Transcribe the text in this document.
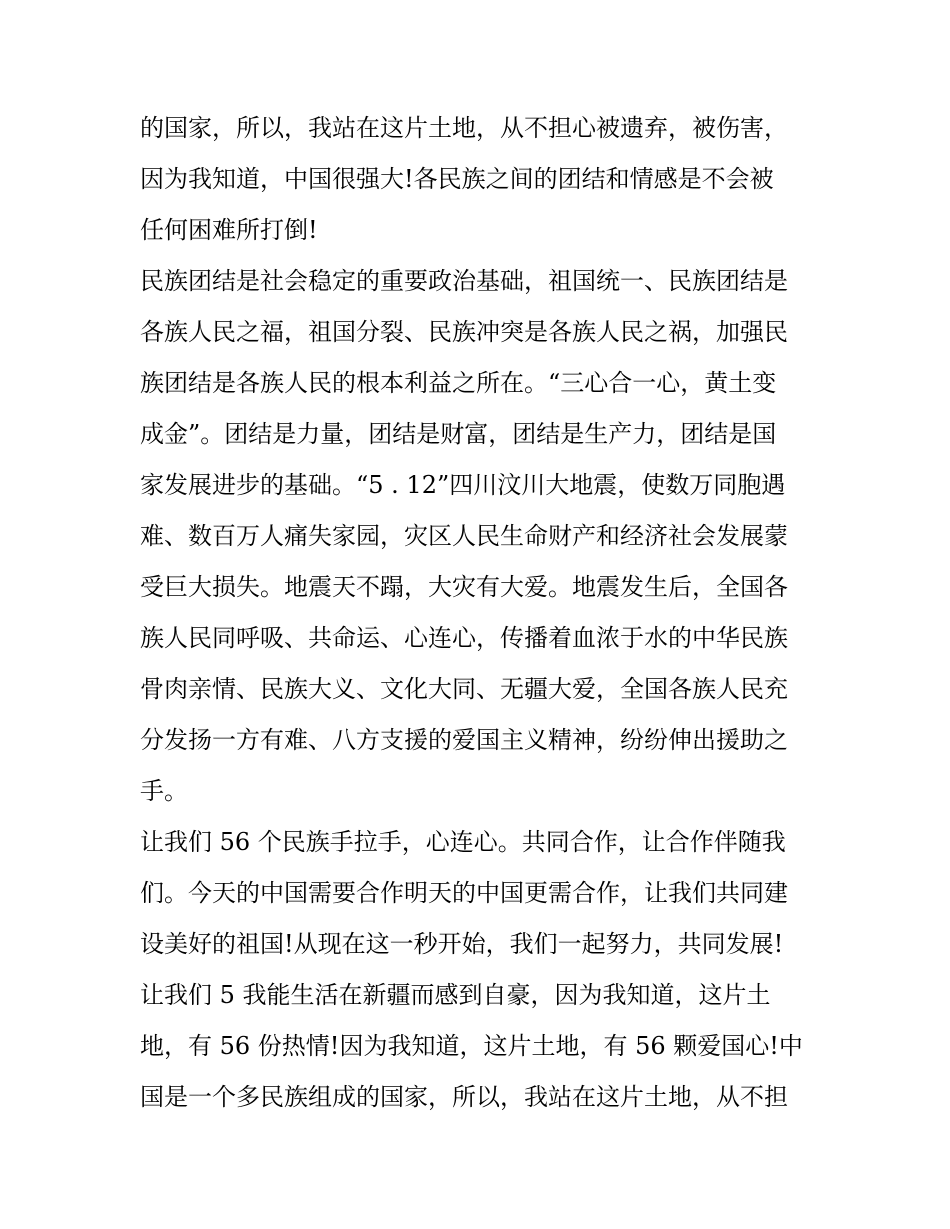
的国家，所以，我站在这片土地，从不担心被遗弃，被伤害，
因为我知道，中国很强大!各民族之间的团结和情感是不会被
任何困难所打倒!
民族团结是社会稳定的重要政治基础，祖国统一、民族团结是
各族人民之福，祖国分裂、民族冲突是各族人民之祸，加强民
族团结是各族人民的根本利益之所在。“三心合一心，黄土变
成金”。团结是力量，团结是财富，团结是生产力，团结是国
家发展进步的基础。“5 . 12”四川汶川大地震，使数万同胞遇
难、数百万人痛失家园，灾区人民生命财产和经济社会发展蒙
受巨大损失。地震天不蹋，大灾有大爱。地震发生后，全国各
族人民同呼吸、共命运、心连心，传播着血浓于水的中华民族
骨肉亲情、民族大义、文化大同、无疆大爱，全国各族人民充
分发扬一方有难、八方支援的爱国主义精神，纷纷伸出援助之
手。
让我们 56 个民族手拉手，心连心。共同合作，让合作伴随我
们。今天的中国需要合作明天的中国更需合作，让我们共同建
设美好的祖国!从现在这一秒开始，我们一起努力，共同发展!
让我们 5 我能生活在新疆而感到自豪，因为我知道，这片土
地，有 56 份热情!因为我知道，这片土地，有 56 颗爱国心!中
国是一个多民族组成的国家，所以，我站在这片土地，从不担
